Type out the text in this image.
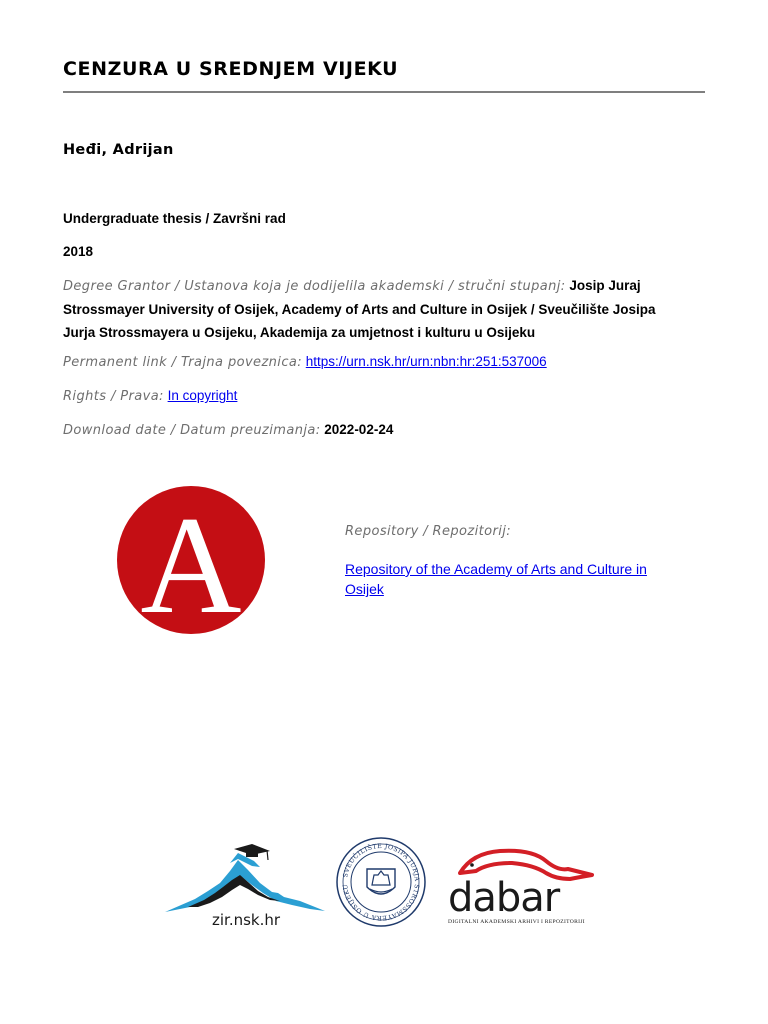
CENZURA U SREDNJEM VIJEKU
Heđi, Adrijan
Undergraduate thesis / Završni rad
2018
Degree Grantor / Ustanova koja je dodijelila akademski / stručni stupanj: Josip Juraj
Strossmayer University of Osijek, Academy of Arts and Culture in Osijek / Sveučilište Josipa
Jurja Strossmayera u Osijeku, Akademija za umjetnost i kulturu u Osijeku
Permanent link / Trajna poveznica: https://urn.nsk.hr/urn:nbn:hr:251:537006
Rights / Prava: In copyright
Download date / Datum preuzimanja: 2022-02-24
A	Repository / Repozitorij:
Repository of the Academy of Arts and Culture in
Osijek
zir.nsk.hr
SVEUČILIŠTE JOSIPA JURJA STROSSMAYERA U OSIJEKU	dabar
DIGITALNI AKADEMSKI ARHIVI I REPOZITORIJI
